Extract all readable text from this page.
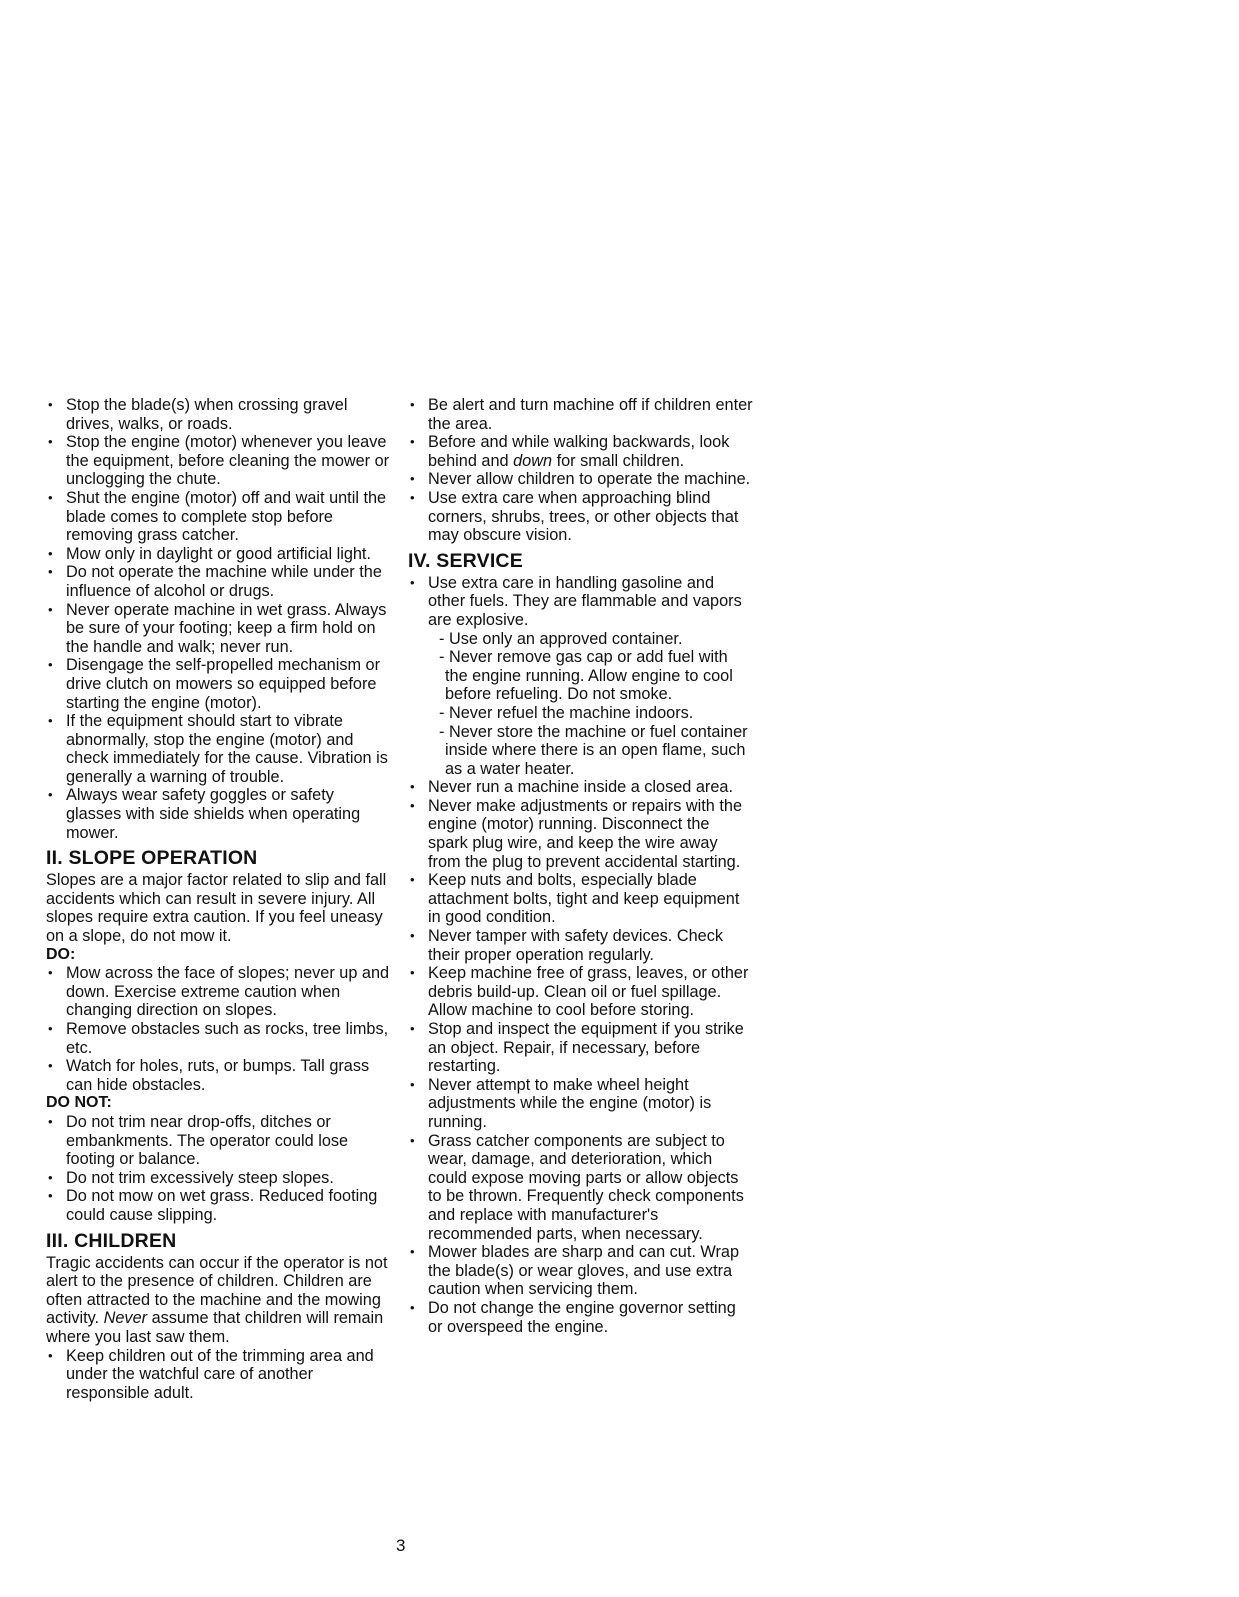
• Stop the blade(s) when crossing gravel drives, walks, or roads.
• Stop the engine (motor) whenever you leave the equipment, before cleaning the mower or unclogging the chute.
• Shut the engine (motor) off and wait until the blade comes to complete stop before removing grass catcher.
• Mow only in daylight or good artificial light.
• Do not operate the machine while under the influence of alcohol or drugs.
• Never operate machine in wet grass. Always be sure of your footing; keep a firm hold on the handle and walk; never run.
• Disengage the self-propelled mechanism or drive clutch on mowers so equipped before starting the engine (motor).
• If the equipment should start to vibrate abnormally, stop the engine (motor) and check immediately for the cause. Vibration is generally a warning of trouble.
• Always wear safety goggles or safety glasses with side shields when operating mower.
II. SLOPE OPERATION

Slopes are a major factor related to slip and fall accidents which can result in severe injury. All slopes require extra caution. If you feel uneasy on a slope, do not mow it.

DO:

• Mow across the face of slopes; never up and down. Exercise extreme caution when changing direction on slopes.
• Remove obstacles such as rocks, tree limbs, etc.
• Watch for holes, ruts, or bumps. Tall grass can hide obstacles.

DO NOT:

• Do not trim near drop-offs, ditches or embankments. The operator could lose footing or balance.
• Do not trim excessively steep slopes.
• Do not mow on wet grass. Reduced footing could cause slipping.
III. CHILDREN

Tragic accidents can occur if the operator is not alert to the presence of children. Children are often attracted to the machine and the mowing activity. Never assume that children will remain where you last saw them.

• Keep children out of the trimming area and under the watchful care of another responsible adult.
• Be alert and turn machine off if children enter the area.
• Before and while walking backwards, look behind and down for small children.
• Never allow children to operate the machine.
• Use extra care when approaching blind corners, shrubs, trees, or other objects that may obscure vision.
IV. SERVICE
• Use extra care in handling gasoline and other fuels. They are flammable and vapors are explosive.
- Use only an approved container.
- Never remove gas cap or add fuel with the engine running. Allow engine to cool before refueling. Do not smoke.
- Never refuel the machine indoors.
- Never store the machine or fuel container inside where there is an open flame, such as a water heater.
• Never run a machine inside a closed area.
• Never make adjustments or repairs with the engine (motor) running. Disconnect the spark plug wire, and keep the wire away from the plug to prevent accidental starting.
• Keep nuts and bolts, especially blade attachment bolts, tight and keep equipment in good condition.
• Never tamper with safety devices. Check their proper operation regularly.
• Keep machine free of grass, leaves, or other debris build-up. Clean oil or fuel spillage. Allow machine to cool before storing.
• Stop and inspect the equipment if you strike an object. Repair, if necessary, before restarting.
• Never attempt to make wheel height adjustments while the engine (motor) is running.
• Grass catcher components are subject to wear, damage, and deterioration, which could expose moving parts or allow objects to be thrown. Frequently check components and replace with manufacturer's recommended parts, when necessary.
• Mower blades are sharp and can cut. Wrap the blade(s) or wear gloves, and use extra caution when servicing them.
• Do not change the engine governor setting or overspeed the engine.
3
